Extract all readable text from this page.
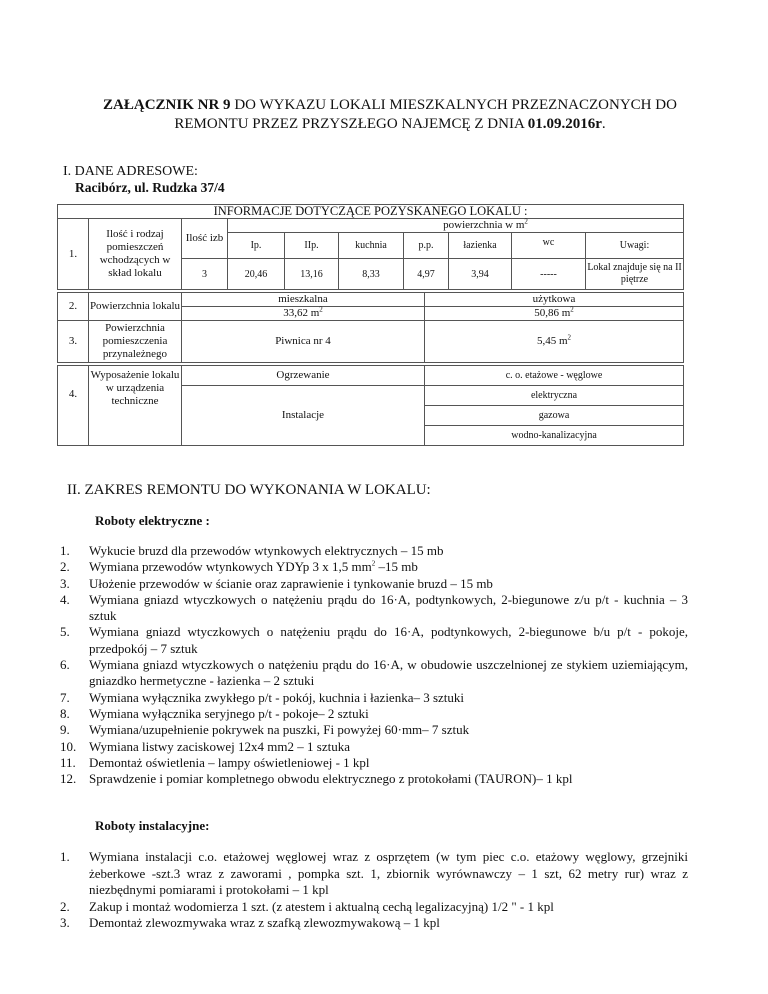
ZAŁĄCZNIK NR 9 DO WYKAZU LOKALI MIESZKALNYCH PRZEZNACZONYCH DO
REMONTU PRZEZ PRZYSZŁEGO NAJEMCĘ Z DNIA 01.09.2016r.
I. DANE ADRESOWE:
Racibórz, ul. Rudzka 37/4
INFORMACJE DOTYCZĄCE POZYSKANEGO LOKALU :									
1.	Ilość i rodzaj pomieszczeń wchodzących w skład lokalu	Ilość izb	powierzchnia w $m^2$
			Ip.	IIp.	kuchnia	p.p.	łazienka	wc	Uwagi:
		3	20,46	13,16	8,33	4,97	3,94	-----	Lokal znajduje się na II piętrze
2.	Powierzchnia lokalu	mieszkalna	użytkowa
		33,62 $m^2$	50,86 $m^2$
3.	Powierzchnia pomieszczenia przynależnego	Piwnica nr 4	5,45 $m^2$
4.	Wyposażenie lokalu w urządzenia techniczne	Ogrzewanie	c. o. etażowe - węglowe
		Instalacje	elektryczna
			gazowa
			wodno-kanalizacyjna
II. ZAKRES REMONTU DO WYKONANIA W LOKALU:
Roboty elektryczne :
1.	Wykucie bruzd dla przewodów wtynkowych elektrycznych – 15 mb
2.	Wymiana przewodów wtynkowych YDYp 3 x 1,5 $mm^2$ –15 mb
3.	Ułożenie przewodów w ścianie oraz zaprawienie i tynkowanie bruzd – 15 mb
4.	Wymiana gniazd wtyczkowych o natężeniu prądu do 16·A, podtynkowych, 2-biegunowe z/u p/t - kuchnia – 3 sztuk
5.	Wymiana gniazd wtyczkowych o natężeniu prądu do 16·A, podtynkowych, 2-biegunowe b/u p/t - pokoje, przedpokój – 7 sztuk
6.	Wymiana gniazd wtyczkowych o natężeniu prądu do 16·A, w obudowie uszczelnionej ze stykiem uziemiającym, gniazdko hermetyczne - łazienka – 2 sztuki
7.	Wymiana wyłącznika zwykłego p/t - pokój, kuchnia i łazienka– 3 sztuki
8.	Wymiana wyłącznika seryjnego p/t - pokoje– 2 sztuki
9.	Wymiana/uzupełnienie pokrywek na puszki, Fi powyżej 60·mm– 7 sztuk
10. Wymiana listwy zaciskowej 12x4 mm2 – 1 sztuka
11.	Demontaż oświetlenia – lampy oświetleniowej - 1 kpl
12. Sprawdzenie i pomiar kompletnego obwodu elektrycznego z protokołami (TAURON)– 1 kpl
Roboty instalacyjne:
1.	Wymiana instalacji c.o. etażowej węglowej wraz z osprzętem (w tym piec c.o. etażowy węglowy, grzejniki żeberkowe -szt.3 wraz z zaworami , pompka szt. 1, zbiornik wyrównawczy – 1 szt, 62 metry rur) wraz z niezbędnymi pomiarami i protokołami – 1 kpl
2.	Zakup i montaż wodomierza 1 szt. (z atestem i aktualną cechą legalizacyjną) 1/2 " - 1 kpl
3.	Demontaż zlewozmywaka wraz z szafką zlewozmywakową – 1 kpl
